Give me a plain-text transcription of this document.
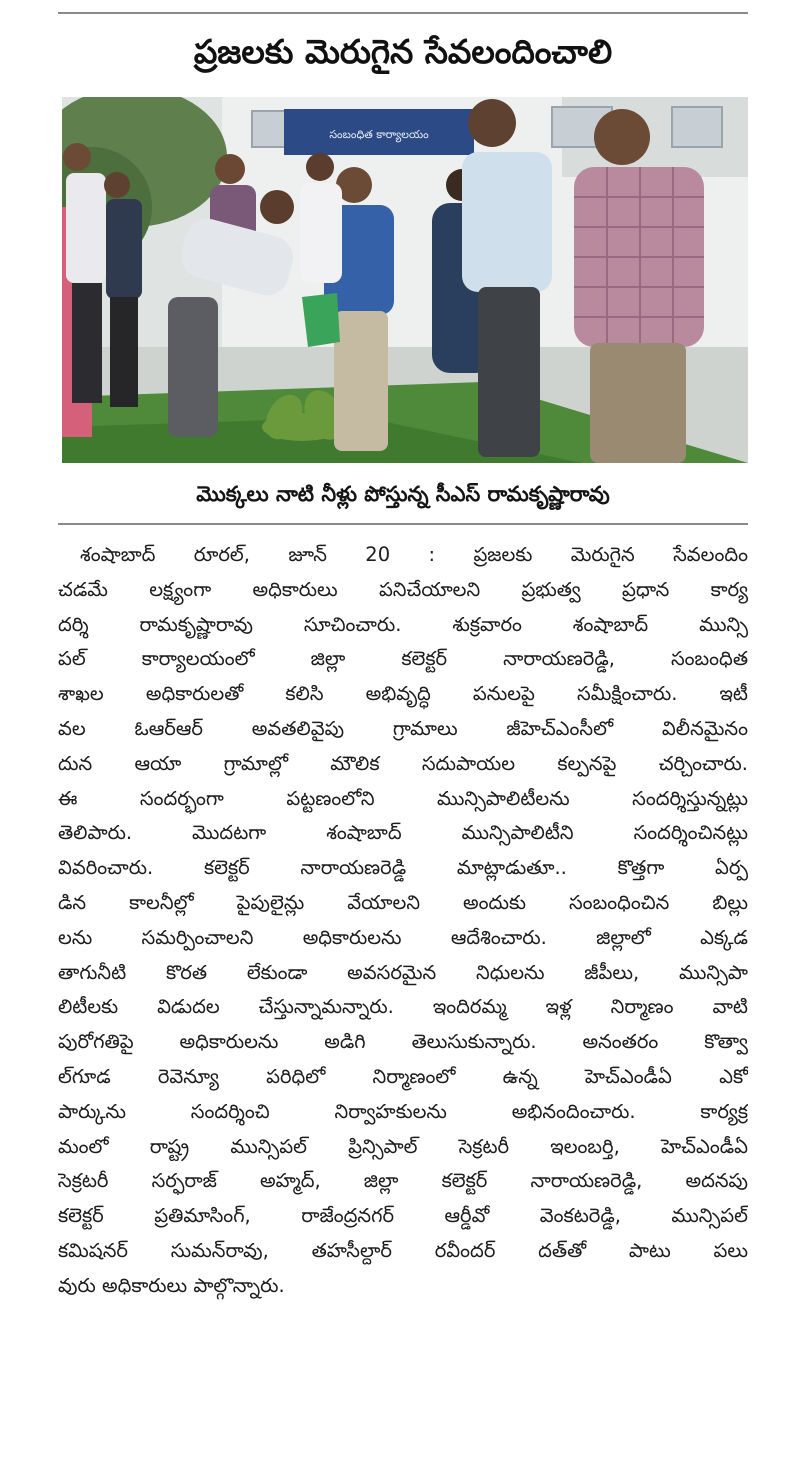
ప్రజలకు మెరుగైన సేవలందించాలి
సంబంధిత కార్యాలయం
మొక్కలు నాటి నీళ్లు పోస్తున్న సీఎస్ రామకృష్ణారావు
శంషాబాద్ రూరల్, జూన్ 20 : ప్రజలకు మెరుగైన సేవలందిం
చడమే లక్ష్యంగా అధికారులు పనిచేయాలని ప్రభుత్వ ప్రధాన కార్య
దర్శి రామకృష్ణారావు సూచించారు. శుక్రవారం శంషాబాద్ మున్సి
పల్ కార్యాలయంలో జిల్లా కలెక్టర్ నారాయణరెడ్డి, సంబంధిత
శాఖల అధికారులతో కలిసి అభివృద్ధి పనులపై సమీక్షించారు. ఇటీ
వల ఓఆర్ఆర్ అవతలివైపు గ్రామాలు జీహెచ్ఎంసీలో విలీనమైనం
దున ఆయా గ్రామాల్లో మౌలిక సదుపాయల కల్పనపై చర్చించారు.
ఈ సందర్భంగా పట్టణంలోని మున్సిపాలిటీలను సందర్శిస్తున్నట్లు
తెలిపారు. మొదటగా శంషాబాద్ మున్సిపాలిటీని సందర్శించినట్లు
వివరించారు. కలెక్టర్ నారాయణరెడ్డి మాట్లాడుతూ.. కొత్తగా ఏర్ప
డిన కాలనీల్లో పైపులైన్లు వేయాలని అందుకు సంబంధించిన బిల్లు
లను సమర్పించాలని అధికారులను ఆదేశించారు. జిల్లాలో ఎక్కడ
తాగునీటి కొరత లేకుండా అవసరమైన నిధులను జీపీలు, మున్సిపా
లిటీలకు విడుదల చేస్తున్నామన్నారు. ఇందిరమ్మ ఇళ్ల నిర్మాణం వాటి
పురోగతిపై అధికారులను అడిగి తెలుసుకున్నారు. అనంతరం కొత్వా
ల్‌గూడ రెవెన్యూ పరిధిలో నిర్మాణంలో ఉన్న హెచ్ఎండీఏ ఎకో
పార్కును సందర్శించి నిర్వాహకులను అభినందించారు. కార్యక్ర
మంలో రాష్ట్ర మున్సిపల్ ప్రిన్సిపాల్ సెక్రటరీ ఇలంబర్తి, హెచ్ఎండీఏ
సెక్రటరీ సర్ఫరాజ్ అహ్మద్, జిల్లా కలెక్టర్ నారాయణరెడ్డి, అదనపు
కలెక్టర్ ప్రతిమాసింగ్, రాజేంద్రనగర్ ఆర్డీవో వెంకటరెడ్డి, మున్సిపల్
కమిషనర్ సుమన్‌రావు, తహసీల్దార్ రవీందర్ దత్‌తో పాటు పలు
వురు అధికారులు పాల్గొన్నారు.
